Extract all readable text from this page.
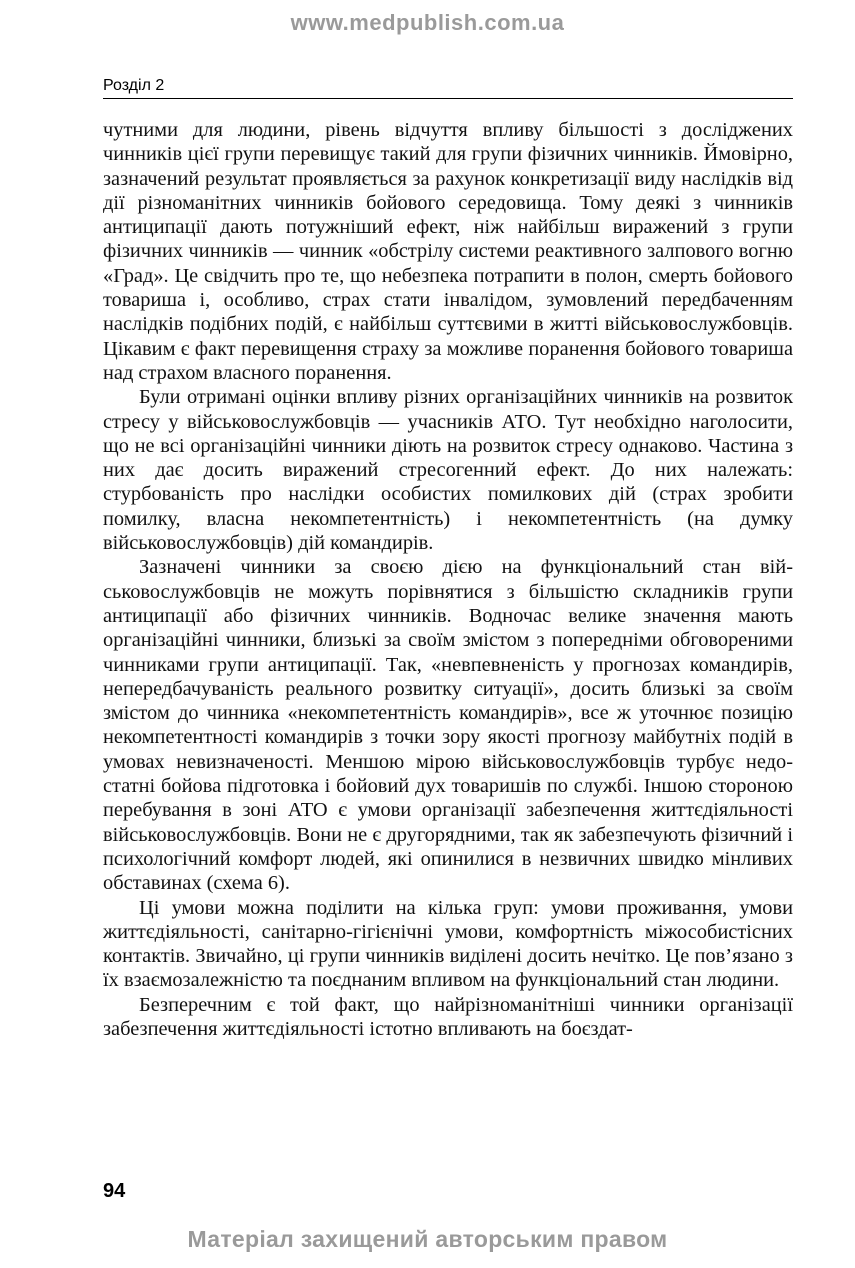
www.medpublish.com.ua
Розділ 2

чутними для людини, рівень відчуття впливу більшості з досліджених чинників цієї групи перевищує такий для групи фізичних чинників. Ймовірно, зазначений результат проявляється за рахунок конкретизації виду наслідків від дії різноманітних чинників бойового середовища. Тому деякі з чинників антиципації дають потужніший ефект, ніж найбільш виражений з групи фізичних чинників — чинник «обстрілу системи реактивного залпового вогню «Град». Це свідчить про те, що небезпека потрапити в полон, смерть бойового товариша і, особливо, страх стати інвалідом, зумовлений передбаченням наслідків подібних подій, є найбільш суттєвими в житті військовослужбовців. Цікавим є факт перевищення страху за можливе поранення бойового товариша над страхом власного поранення.

Були отримані оцінки впливу різних організаційних чинників на розвиток стресу у військовослужбовців — учасників АТО. Тут необхідно наголосити, що не всі організаційні чинники діють на розвиток стресу однаково. Частина з них дає досить виражений стресогенний ефект. До них належать: стурбованість про наслідки особистих помилкових дій (страх зробити помилку, власна некомпетентність) і некомпетентність (на думку військовослужбовців) дій командирів.

Зазначені чинники за своєю дією на функціональний стан військовослужбовців не можуть порівнятися з більшістю складників групи антиципації або фізичних чинників. Водночас велике значення мають організаційні чинники, близькі за своїм змістом з попередніми обговореними чинниками групи антиципації. Так, «невпевненість у прогнозах командирів, непередбачуваність реального розвитку ситуації», досить близькі за своїм змістом до чинника «некомпетентність командирів», все ж уточнює позицію некомпетентності командирів з точки зору якості прогнозу майбутніх подій в умовах невизначеності. Меншою мірою військовослужбовців турбує недостатні бойова підготовка і бойовий дух товаришів по службі. Іншою стороною перебування в зоні АТО є умови організації забезпечення життєдіяльності військовослужбовців. Вони не є другорядними, так як забезпечують фізичний і психологічний комфорт людей, які опинилися в незвичних швидко мінливих обставинах (схема 6).

Ці умови можна поділити на кілька груп: умови проживання, умови життєдіяльності, санітарно-гігієнічні умови, комфортність міжособистісних контактів. Звичайно, ці групи чинників виділені досить нечітко. Це пов’язано з їх взаємозалежністю та поєднаним впливом на функціональний стан людини.

Безперечним є той факт, що найрізноманітніші чинники організації забезпечення життєдіяльності істотно впливають на боєздат-

94
Матеріал захищений авторським правом
